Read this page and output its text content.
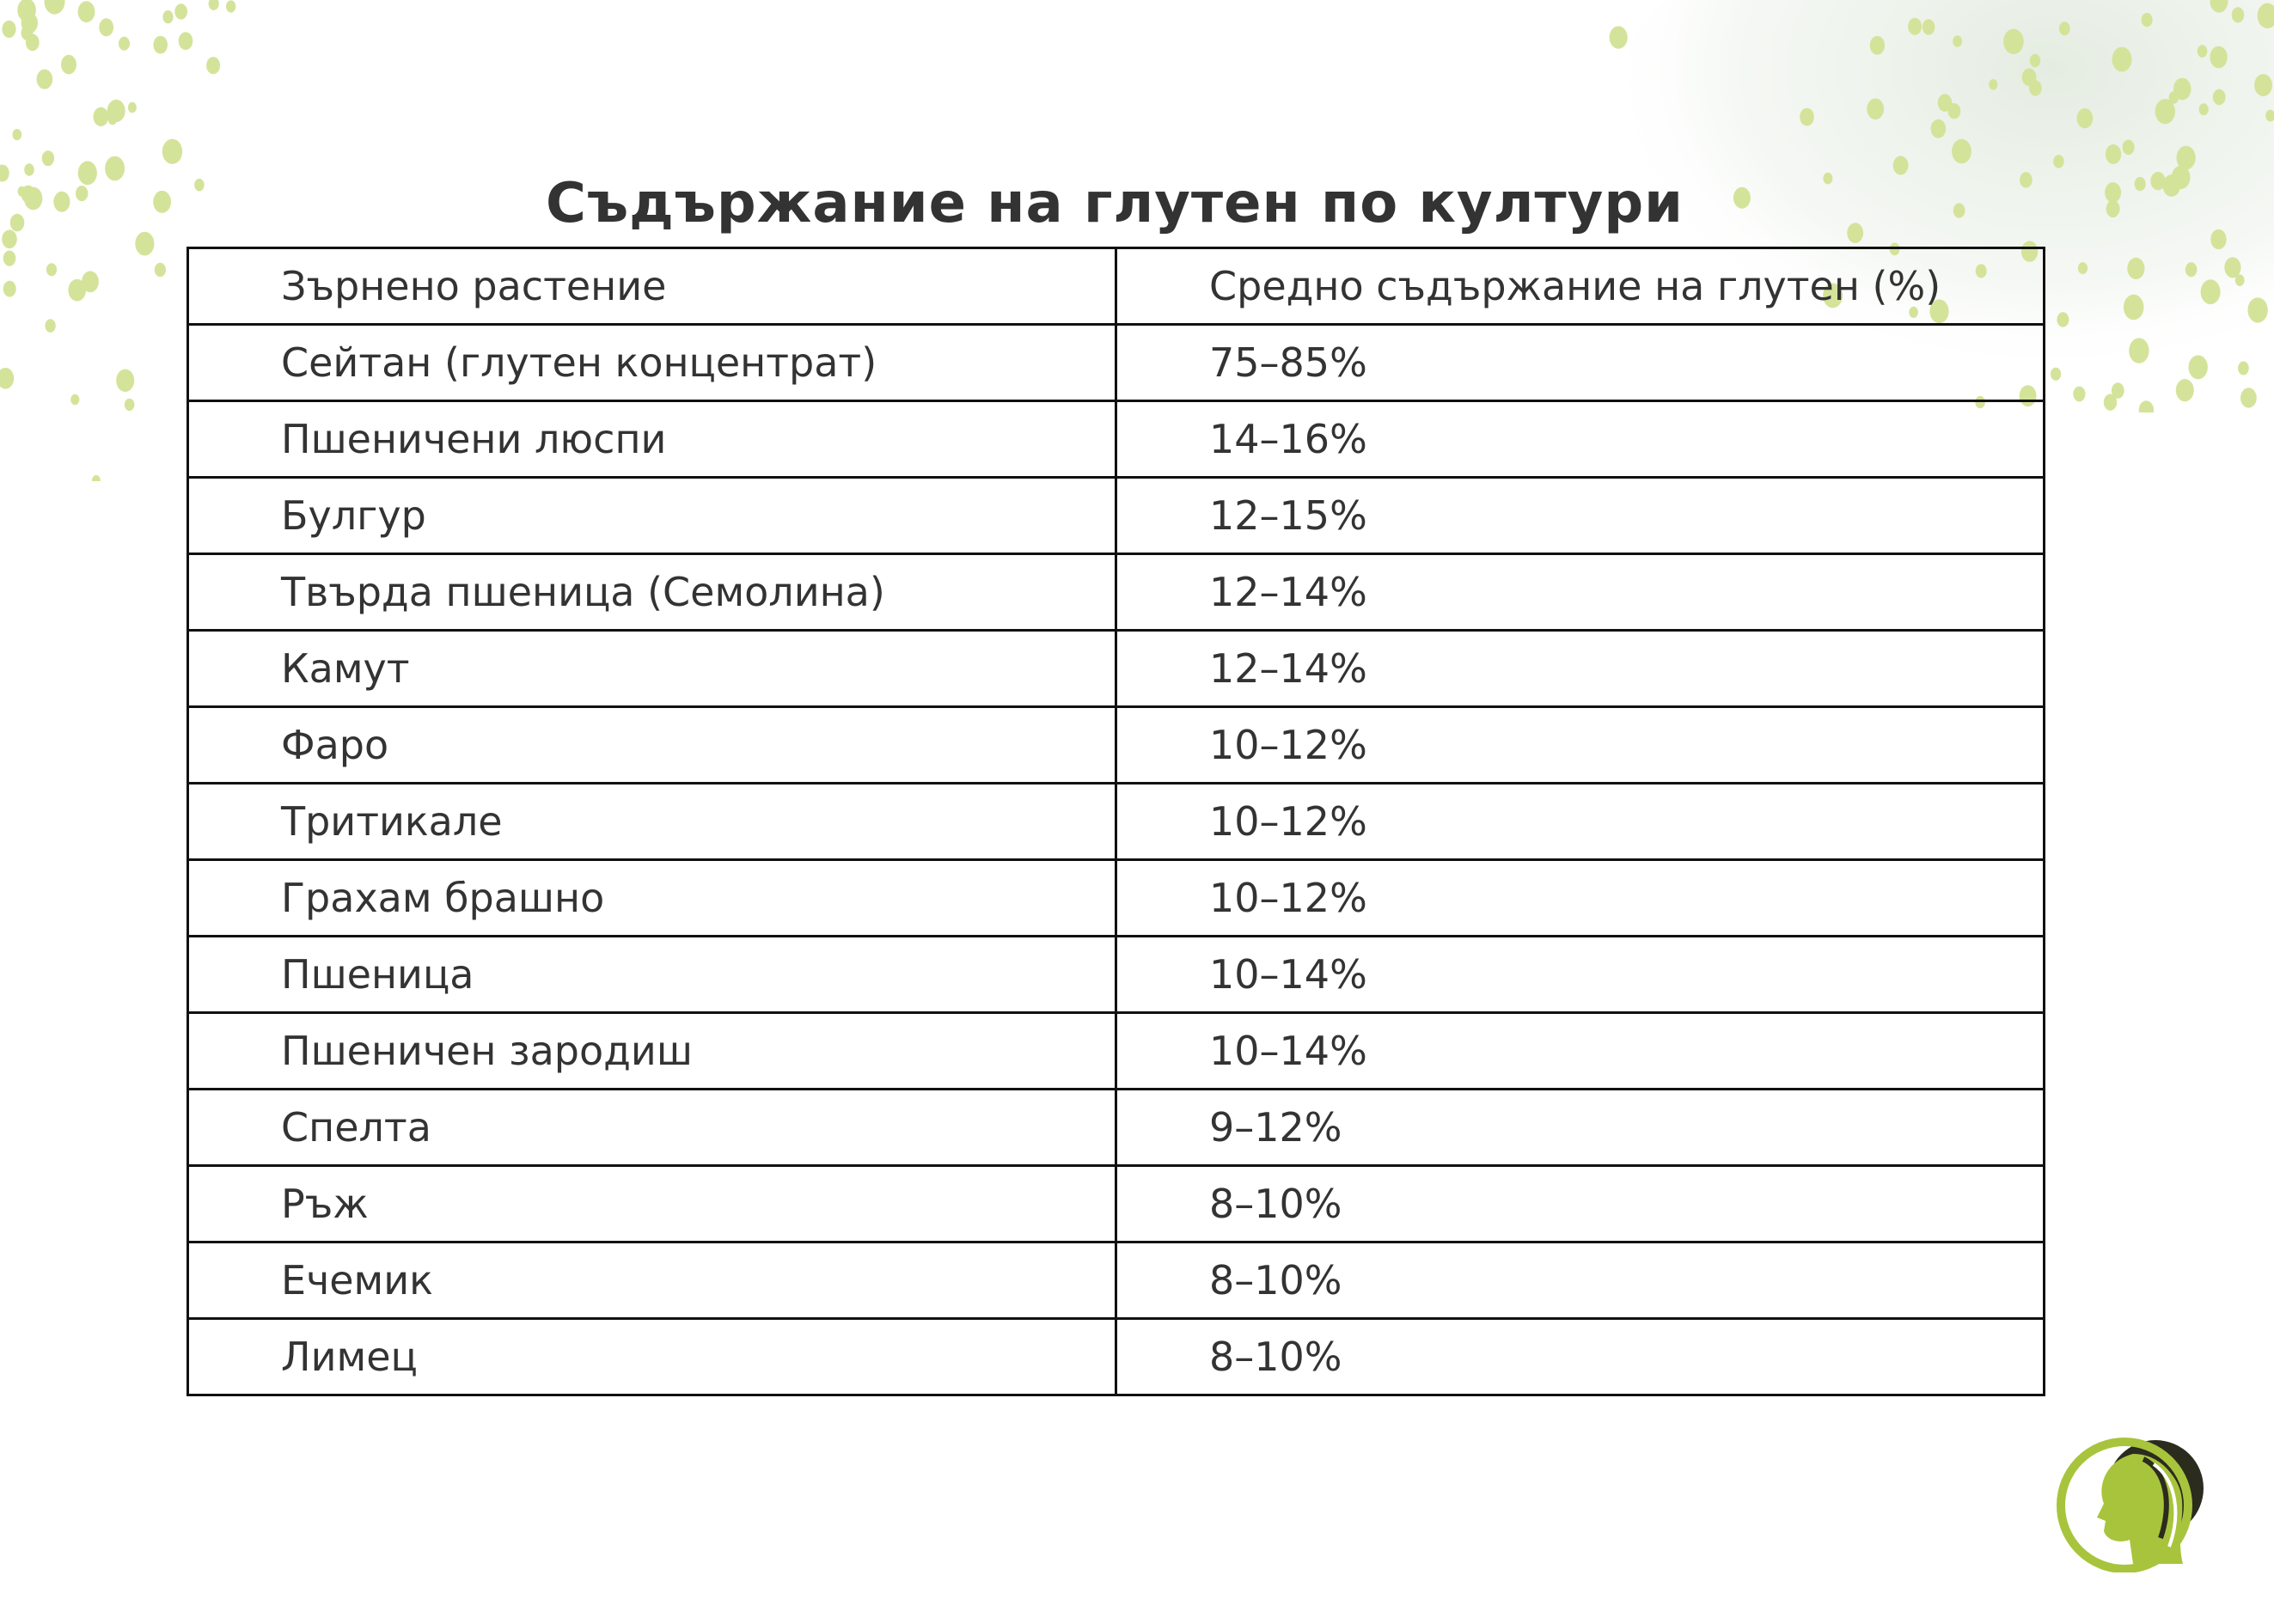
Съдържание на глутен по култури
Зърнено растение	Средно съдържание на глутен (%)
Сейтан (глутен концентрат)	75–85%
Пшеничени люспи	14–16%
Булгур	12–15%
Твърда пшеница (Семолина)	12–14%
Камут	12–14%
Фаро	10–12%
Тритикале	10–12%
Грахам брашно	10–12%
Пшеница	10–14%
Пшеничен зародиш	10–14%
Спелта	9–12%
Ръж	8–10%
Ечемик	8–10%
Лимец	8–10%
